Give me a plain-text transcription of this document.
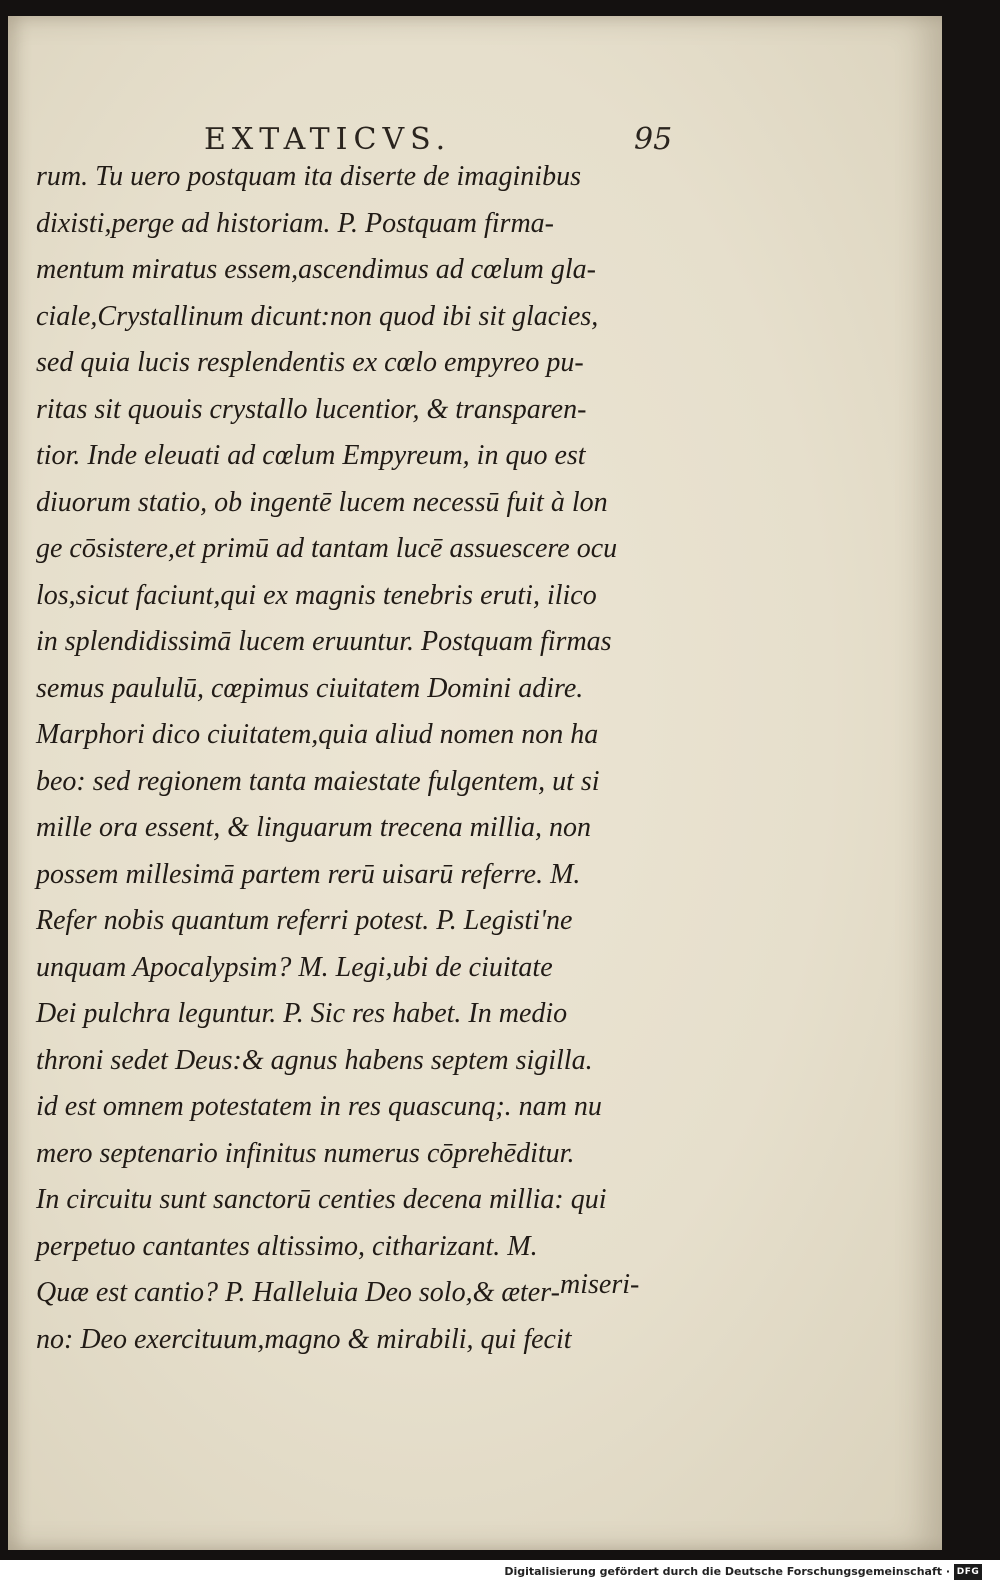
EXTATICVS.	95
rum. Tu uero postquam ita diserte de imaginibus
dixisti,perge ad historiam. P. Postquam firma-
mentum miratus essem,ascendimus ad cœlum gla-
ciale,Crystallinum dicunt:non quod ibi sit glacies,
sed quia lucis resplendentis ex cœlo empyreo pu-
ritas sit quouis crystallo lucentior, & transparen-
tior. Inde eleuati ad cœlum Empyreum, in quo est
diuorum statio, ob ingentē lucem necessū fuit à lon
ge cōsistere,et primū ad tantam lucē assuescere ocu
los,sicut faciunt,qui ex magnis tenebris eruti, ilico
in splendidissimā lucem eruuntur. Postquam firmas
semus paululū, cœpimus ciuitatem Domini adire.
Marphori dico ciuitatem,quia aliud nomen non ha
beo: sed regionem tanta maiestate fulgentem, ut si
mille ora essent, & linguarum trecena millia, non
possem millesimā partem rerū uisarū referre. M.
Refer nobis quantum referri potest. P. Legisti'ne
unquam Apocalypsim? M. Legi,ubi de ciuitate
Dei pulchra leguntur. P. Sic res habet. In medio
throni sedet Deus:& agnus habens septem sigilla.
id est omnem potestatem in res quascunq;. nam nu
mero septenario infinitus numerus cōprehēditur.
In circuitu sunt sanctorū centies decena millia: qui
perpetuo cantantes altissimo, citharizant. M.
Quæ est cantio? P. Halleluia Deo solo,& æter-
no: Deo exercituum,magno & mirabili, qui fecit
miseri-
Digitalisierung gefördert durch die Deutsche Forschungsgemeinschaft · DFG
